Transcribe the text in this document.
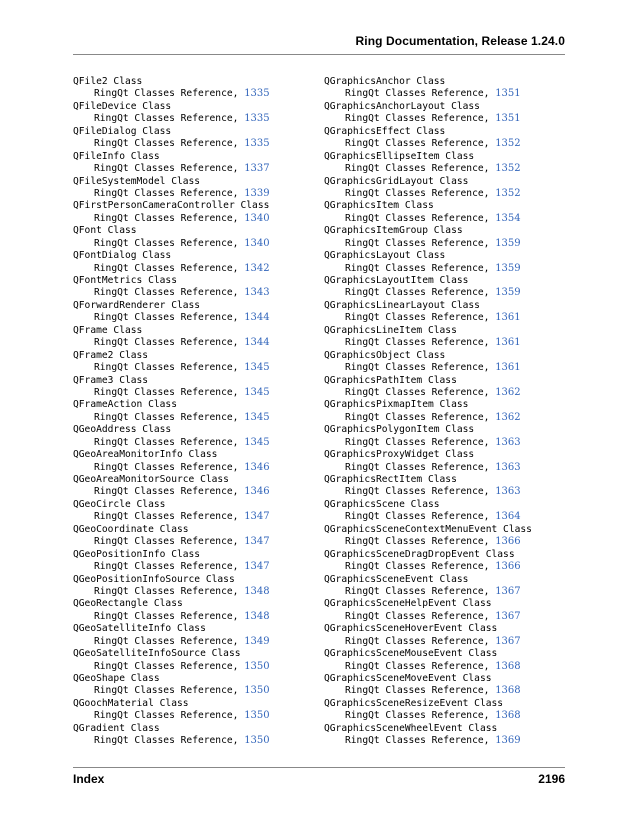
Ring Documentation, Release 1.24.0
QFile2 Class
RingQt Classes Reference, 1335
QFileDevice Class
RingQt Classes Reference, 1335
QFileDialog Class
RingQt Classes Reference, 1335
QFileInfo Class
RingQt Classes Reference, 1337
QFileSystemModel Class
RingQt Classes Reference, 1339
QFirstPersonCameraController Class
RingQt Classes Reference, 1340
QFont Class
RingQt Classes Reference, 1340
QFontDialog Class
RingQt Classes Reference, 1342
QFontMetrics Class
RingQt Classes Reference, 1343
QForwardRenderer Class
RingQt Classes Reference, 1344
QFrame Class
RingQt Classes Reference, 1344
QFrame2 Class
RingQt Classes Reference, 1345
QFrame3 Class
RingQt Classes Reference, 1345
QFrameAction Class
RingQt Classes Reference, 1345
QGeoAddress Class
RingQt Classes Reference, 1345
QGeoAreaMonitorInfo Class
RingQt Classes Reference, 1346
QGeoAreaMonitorSource Class
RingQt Classes Reference, 1346
QGeoCircle Class
RingQt Classes Reference, 1347
QGeoCoordinate Class
RingQt Classes Reference, 1347
QGeoPositionInfo Class
RingQt Classes Reference, 1347
QGeoPositionInfoSource Class
RingQt Classes Reference, 1348
QGeoRectangle Class
RingQt Classes Reference, 1348
QGeoSatelliteInfo Class
RingQt Classes Reference, 1349
QGeoSatelliteInfoSource Class
RingQt Classes Reference, 1350
QGeoShape Class
RingQt Classes Reference, 1350
QGoochMaterial Class
RingQt Classes Reference, 1350
QGradient Class
RingQt Classes Reference, 1350
QGraphicsAnchor Class
RingQt Classes Reference, 1351
QGraphicsAnchorLayout Class
RingQt Classes Reference, 1351
QGraphicsEffect Class
RingQt Classes Reference, 1352
QGraphicsEllipseItem Class
RingQt Classes Reference, 1352
QGraphicsGridLayout Class
RingQt Classes Reference, 1352
QGraphicsItem Class
RingQt Classes Reference, 1354
QGraphicsItemGroup Class
RingQt Classes Reference, 1359
QGraphicsLayout Class
RingQt Classes Reference, 1359
QGraphicsLayoutItem Class
RingQt Classes Reference, 1359
QGraphicsLinearLayout Class
RingQt Classes Reference, 1361
QGraphicsLineItem Class
RingQt Classes Reference, 1361
QGraphicsObject Class
RingQt Classes Reference, 1361
QGraphicsPathItem Class
RingQt Classes Reference, 1362
QGraphicsPixmapItem Class
RingQt Classes Reference, 1362
QGraphicsPolygonItem Class
RingQt Classes Reference, 1363
QGraphicsProxyWidget Class
RingQt Classes Reference, 1363
QGraphicsRectItem Class
RingQt Classes Reference, 1363
QGraphicsScene Class
RingQt Classes Reference, 1364
QGraphicsSceneContextMenuEvent Class
RingQt Classes Reference, 1366
QGraphicsSceneDragDropEvent Class
RingQt Classes Reference, 1366
QGraphicsSceneEvent Class
RingQt Classes Reference, 1367
QGraphicsSceneHelpEvent Class
RingQt Classes Reference, 1367
QGraphicsSceneHoverEvent Class
RingQt Classes Reference, 1367
QGraphicsSceneMouseEvent Class
RingQt Classes Reference, 1368
QGraphicsSceneMoveEvent Class
RingQt Classes Reference, 1368
QGraphicsSceneResizeEvent Class
RingQt Classes Reference, 1368
QGraphicsSceneWheelEvent Class
RingQt Classes Reference, 1369
Index	2196
